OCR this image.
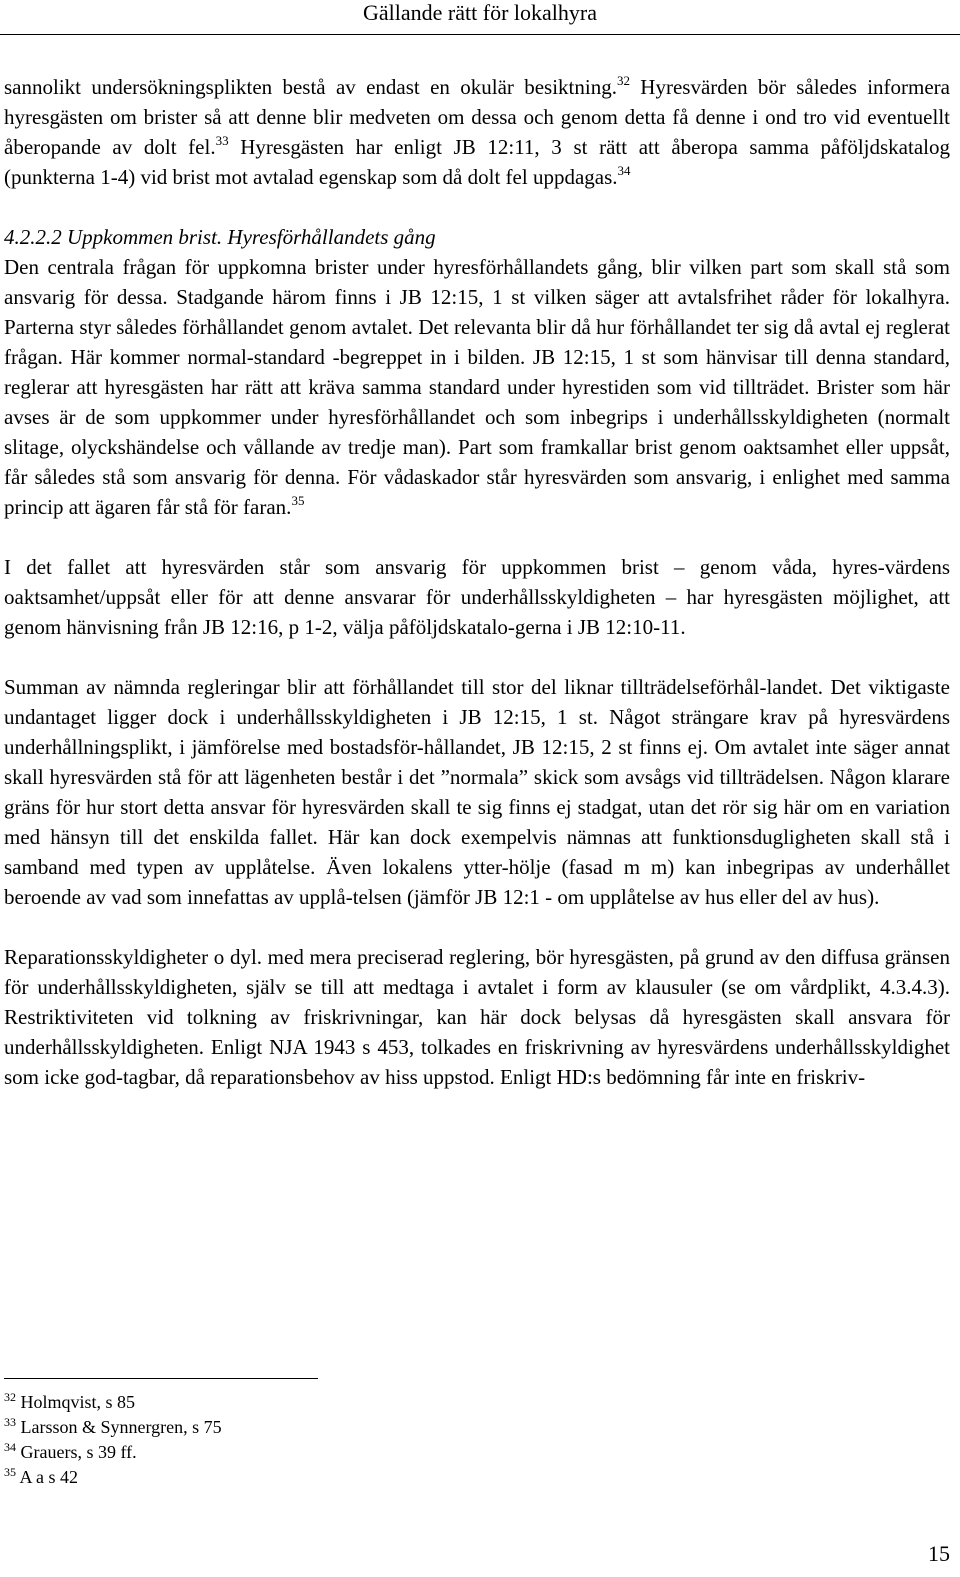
Gällande rätt för lokalhyra

sannolikt undersökningsplikten bestå av endast en okulär besiktning.$^{32}$ Hyresvärden bör således informera hyresgästen om brister så att denne blir medveten om dessa och genom detta få denne i ond tro vid eventuellt åberopande av dolt fel.$^{33}$ Hyresgästen har enligt JB 12:11, 3 st rätt att åberopa samma påföljdskatalog (punkterna 1-4) vid brist mot avtalad egenskap som då dolt fel uppdagas.$^{34}$

4.2.2.2 Uppkommen brist. Hyresförhållandets gång

Den centrala frågan för uppkomna brister under hyresförhållandets gång, blir vilken part som skall stå som ansvarig för dessa. Stadgande härom finns i JB 12:15, 1 st vilken säger att avtalsfrihet råder för lokalhyra. Parterna styr således förhållandet genom avtalet. Det relevanta blir då hur förhållandet ter sig då avtal ej reglerat frågan. Här kommer normal-standard -begreppet in i bilden. JB 12:15, 1 st som hänvisar till denna standard, reglerar att hyresgästen har rätt att kräva samma standard under hyrestiden som vid tillträdet. Brister som här avses är de som uppkommer under hyresförhållandet och som inbegrips i underhållsskyldigheten (normalt slitage, olyckshändelse och vållande av tredje man). Part som framkallar brist genom oaktsamhet eller uppsåt, får således stå som ansvarig för denna. För vådaskador står hyresvärden som ansvarig, i enlighet med samma princip att ägaren får stå för faran.$^{35}$

I det fallet att hyresvärden står som ansvarig för uppkommen brist – genom våda, hyres-värdens oaktsamhet/uppsåt eller för att denne ansvarar för underhållsskyldigheten – har hyresgästen möjlighet, att genom hänvisning från JB 12:16, p 1-2, välja påföljdskatalo-gerna i JB 12:10-11.

Summan av nämnda regleringar blir att förhållandet till stor del liknar tillträdelseförhål-landet. Det viktigaste undantaget ligger dock i underhållsskyldigheten i JB 12:15, 1 st. Något strängare krav på hyresvärdens underhållningsplikt, i jämförelse med bostadsför-hållandet, JB 12:15, 2 st finns ej. Om avtalet inte säger annat skall hyresvärden stå för att lägenheten består i det ”normala” skick som avsågs vid tillträdelsen. Någon klarare gräns för hur stort detta ansvar för hyresvärden skall te sig finns ej stadgat, utan det rör sig här om en variation med hänsyn till det enskilda fallet. Här kan dock exempelvis nämnas att funktionsdugligheten skall stå i samband med typen av upplåtelse. Även lokalens ytter-hölje (fasad m m) kan inbegripas av underhållet beroende av vad som innefattas av upplå-telsen (jämför JB 12:1 - om upplåtelse av hus eller del av hus).

Reparationsskyldigheter o dyl. med mera preciserad reglering, bör hyresgästen, på grund av den diffusa gränsen för underhållsskyldigheten, själv se till att medtaga i avtalet i form av klausuler (se om vårdplikt, 4.3.4.3). Restriktiviteten vid tolkning av friskrivningar, kan här dock belysas då hyresgästen skall ansvara för underhållsskyldigheten. Enligt NJA 1943 s 453, tolkades en friskrivning av hyresvärdens underhållsskyldighet som icke god-tagbar, då reparationsbehov av hiss uppstod. Enligt HD:s bedömning får inte en friskriv-

$^{32}$ Holmqvist, s 85

$^{33}$ Larsson & Synnergren, s 75

$^{34}$ Grauers, s 39 ff.

$^{35}$ A a s 42

15
